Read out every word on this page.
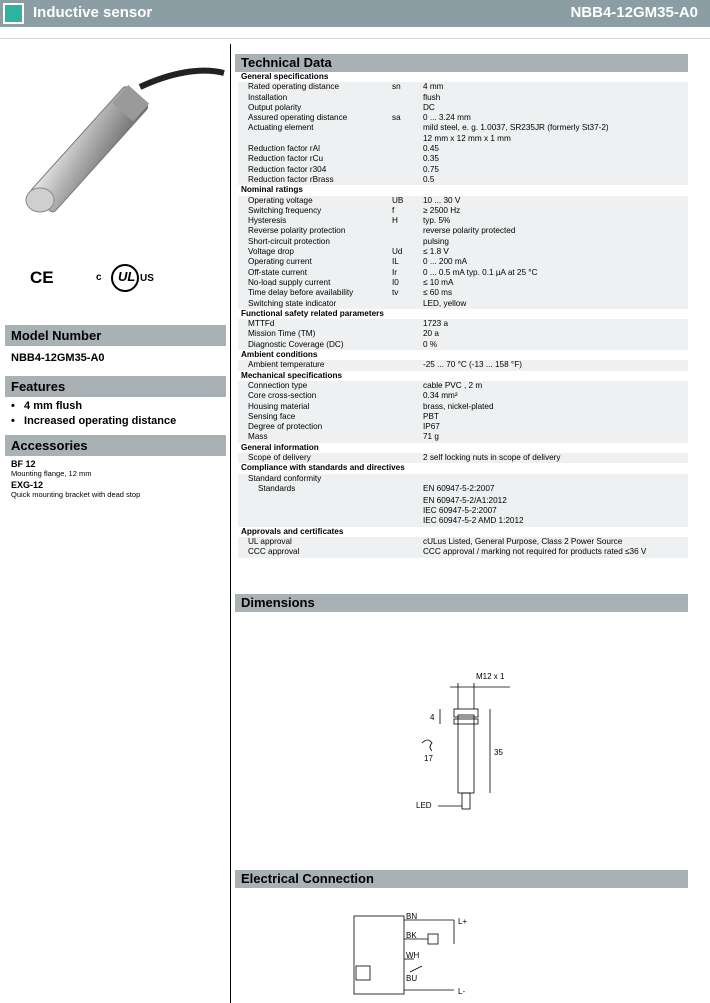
Inductive sensor	NBB4-12GM35-A0
CE	c UL US
Model Number
NBB4-12GM35-A0
Features
•   4 mm flush
•   Increased operating distance
Accessories
BF 12
Mounting flange, 12 mm
EXG-12
Quick mounting bracket with dead stop
Technical Data
General specifications
Rated operating distance	sn	4 mm
Installation	flush
Output polarity	DC
Assured operating distance	sa	0 ... 3.24 mm
Actuating element	mild steel, e. g. 1.0037, SR235JR (formerly St37-2)
12 mm x 12 mm x 1 mm
Reduction factor rAl	0.45
Reduction factor rCu	0.35
Reduction factor r304	0.75
Reduction factor rBrass	0.5
Nominal ratings
Operating voltage	UB 10 ... 30 V
Switching frequency	f	≥ 2500 Hz
Hysteresis	H	typ. 5%
Reverse polarity protection	reverse polarity protected
Short-circuit protection	pulsing
Voltage drop	Ud	≤ 1.8 V
Operating current	IL	0 ... 200 mA
Off-state current	Ir	0 ... 0.5 mA typ. 0.1 µA at 25 °C
No-load supply current	I0	≤ 10 mA
Time delay before availability	tv	≤ 60 ms
Switching state indicator	LED, yellow
Functional safety related parameters
MTTFd	1723 a
Mission Time (TM)	20 a
Diagnostic Coverage (DC)	0 %
Ambient conditions
Ambient temperature	-25 ... 70 °C (-13 ... 158 °F)
Mechanical specifications
Connection type	cable PVC , 2 m
Core cross-section	0.34 mm²
Housing material	brass, nickel-plated
Sensing face	PBT
Degree of protection	IP67
Mass	71 g
General information
Scope of delivery	2 self locking nuts in scope of delivery
Compliance with standards and directives
Standard conformity
Standards	EN 60947-5-2:2007
EN 60947-5-2/A1:2012
IEC 60947-5-2:2007
IEC 60947-5-2 AMD 1:2012
Approvals and certificates
UL approval	cULus Listed, General Purpose, Class 2 Power Source
CCC approval	CCC approval / marking not required for products rated ≤36 V
Dimensions
M12 x 1
4
35
17
LED
Electrical Connection
BN
BK
WH
BU
L+
L-
